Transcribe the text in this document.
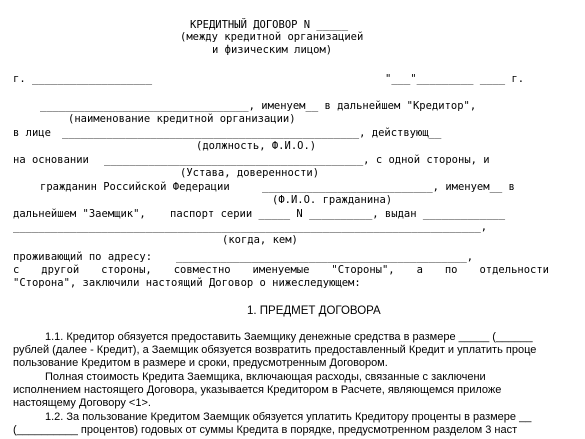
КРЕДИТНЫЙ ДОГОВОР N _____
(между кредитной организацией
и физическим лицом)
г. ___________________	"___"_________ ____ г.
_________________________________, именуем__ в дальнейшем "Кредитор",
(наименование кредитной организации)
в лице _______________________________________________, действующ__
(должность, Ф.И.О.)
на основании _________________________________________, с одной стороны, и
(Устава, доверенности)
гражданин Российской Федерации	___________________________, именуем__ в
(Ф.И.О. гражданина)
дальнейшем "Заемщик", паспорт серии _____ N __________, выдан _____________
__________________________________________________________________________,
(когда, кем)
проживающий по адресу: ______________________________________________,
с другой стороны, совместно именуемые "Стороны", а по отдельности
"Сторона", заключили настоящий Договор о нижеследующем:
1. ПРЕДМЕТ ДОГОВОРА
1.1. Кредитор обязуется предоставить Заемщику денежные средства в размере _____ (______
рублей (далее - Кредит), а Заемщик обязуется возвратить предоставленный Кредит и уплатить проце
пользование Кредитом в размере и сроки, предусмотренным Договором.
Полная стоимость Кредита Заемщика, включающая расходы, связанные с заключени
исполнением настоящего Договора, указывается Кредитором в Расчете, являющемся приложе
настоящему Договору <1>.
1.2. За пользование Кредитом Заемщик обязуется уплатить Кредитору проценты в размере __
(__________ процентов) годовых от суммы Кредита в порядке, предусмотренном разделом 3 наст
